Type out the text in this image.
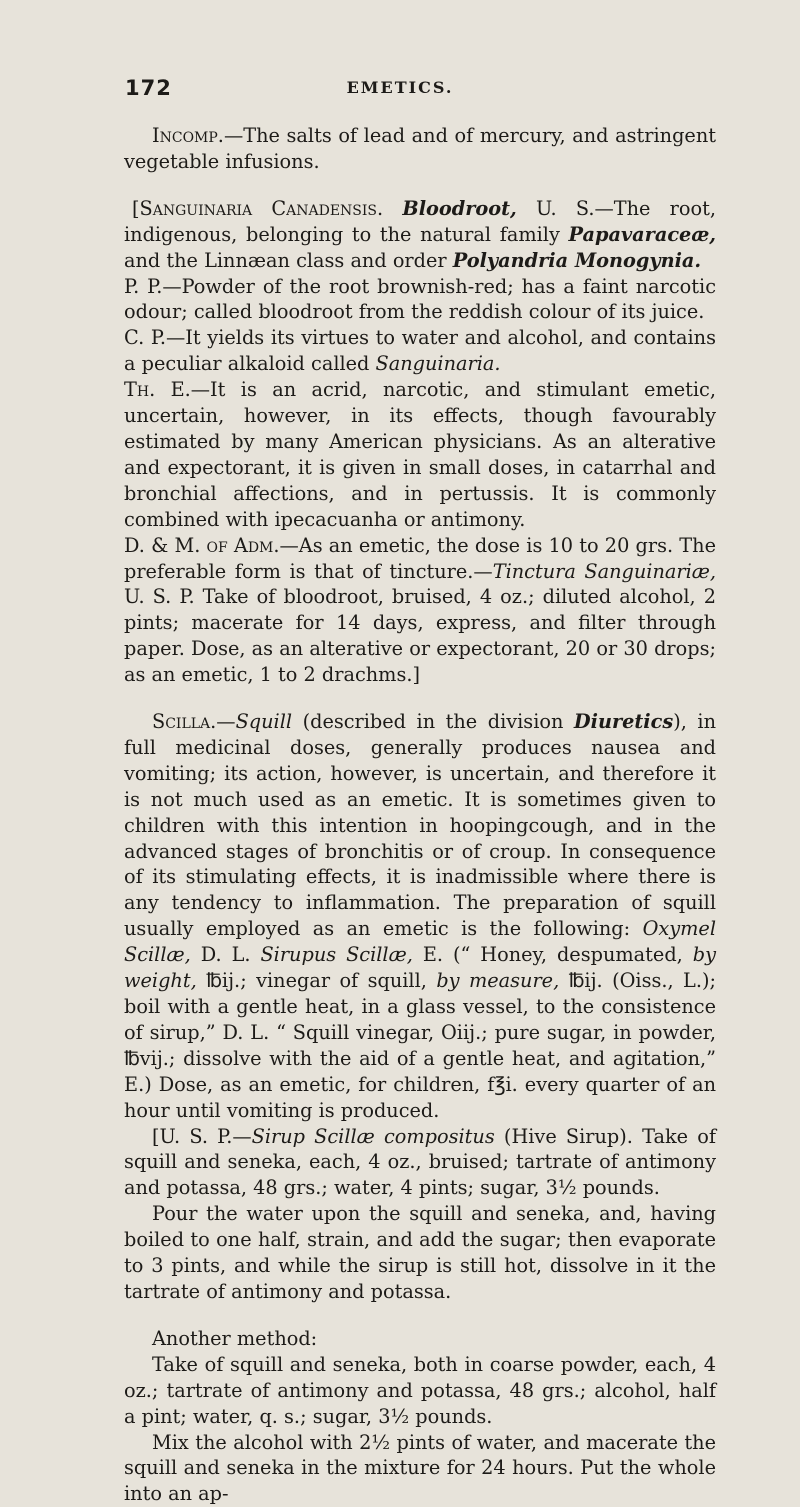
172	EMETICS.

Incomp.—The salts of lead and of mercury, and astringent vegetable infusions.

[Sanguinaria Canadensis. Bloodroot, U. S.—The root, indigenous, belonging to the natural family Papavaraceæ, and the Linnæan class and order Polyandria Monogynia.

P. P.—Powder of the root brownish-red; has a faint narcotic odour; called bloodroot from the reddish colour of its juice.

C. P.—It yields its virtues to water and alcohol, and contains a peculiar alkaloid called Sanguinaria.

Th. E.—It is an acrid, narcotic, and stimulant emetic, uncertain, however, in its effects, though favourably estimated by many American physicians. As an alterative and expectorant, it is given in small doses, in catarrhal and bronchial affections, and in pertussis. It is commonly combined with ipecacuanha or antimony.

D. & M. of Adm.—As an emetic, the dose is 10 to 20 grs. The preferable form is that of tincture.—Tinctura Sanguinariæ, U. S. P. Take of bloodroot, bruised, 4 oz.; diluted alcohol, 2 pints; macerate for 14 days, express, and filter through paper. Dose, as an alterative or expectorant, 20 or 30 drops; as an emetic, 1 to 2 drachms.]

Scilla.—Squill (described in the division Diuretics), in full medicinal doses, generally produces nausea and vomiting; its action, however, is uncertain, and therefore it is not much used as an emetic. It is sometimes given to children with this intention in hoopingcough, and in the advanced stages of bronchitis or of croup. In consequence of its stimulating effects, it is inadmissible where there is any tendency to inflammation. The preparation of squill usually employed as an emetic is the following: Oxymel Scillæ, D. L. Sirupus Scillæ, E. (“ Honey, despumated, by weight, ℔ij.; vinegar of squill, by measure, ℔ij. (Oiss., L.); boil with a gentle heat, in a glass vessel, to the consistence of sirup,” D. L. “ Squill vinegar, Oiij.; pure sugar, in powder, ℔vij.; dissolve with the aid of a gentle heat, and agitation,” E.) Dose, as an emetic, for children, f℥i. every quarter of an hour until vomiting is produced.

[U. S. P.—Sirup Scillæ compositus (Hive Sirup). Take of squill and seneka, each, 4 oz., bruised; tartrate of antimony and potassa, 48 grs.; water, 4 pints; sugar, 3½ pounds.

Pour the water upon the squill and seneka, and, having boiled to one half, strain, and add the sugar; then evaporate to 3 pints, and while the sirup is still hot, dissolve in it the tartrate of antimony and potassa.

Another method:

Take of squill and seneka, both in coarse powder, each, 4 oz.; tartrate of antimony and potassa, 48 grs.; alcohol, half a pint; water, q. s.; sugar, 3½ pounds.

Mix the alcohol with 2½ pints of water, and macerate the squill and seneka in the mixture for 24 hours. Put the whole into an ap-
